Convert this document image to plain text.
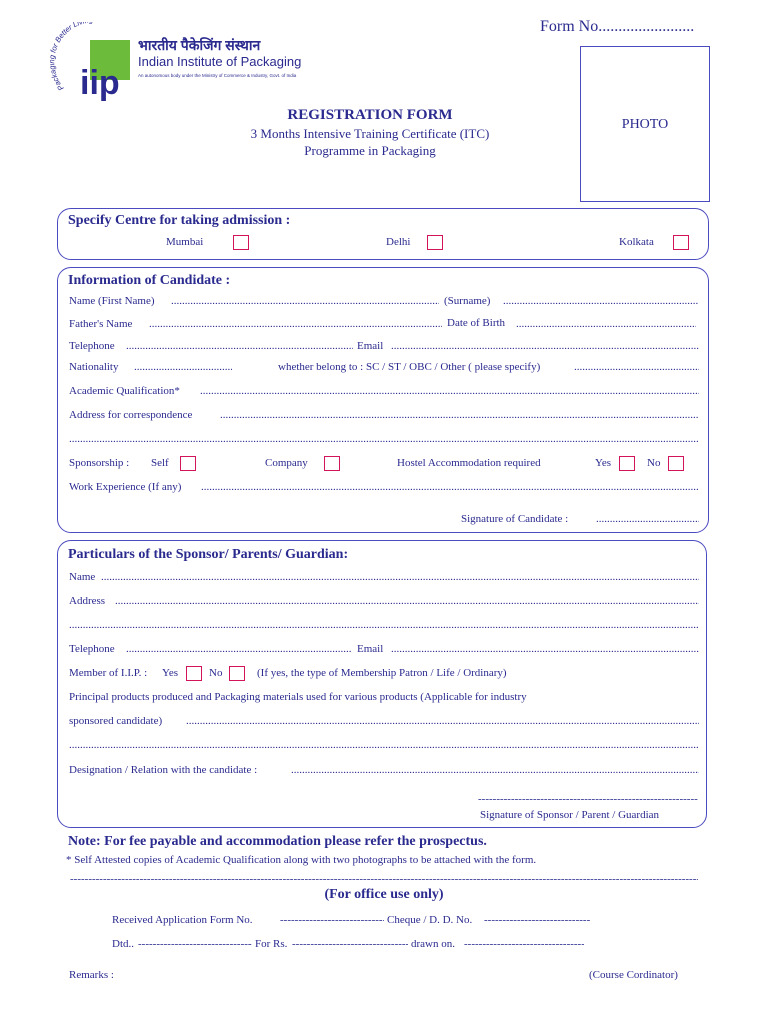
Form No........................
Pack or Better Li
iip
भारतीय पैकेजिंग संस्थान
Indian Institute of Packaging
An autonomous body under the Ministry of Commerce & Industry, Govt. of India
REGISTRATION FORM
3 Months Intensive Training Certificate (ITC)
Programme in Packaging
PHOTO
Specify Centre for taking admission :
Mumbai	Delhi	Kolkata
Information of Candidate :
Name (First Name) .....	(Surname)
.....
Father's Name .....	Date of Birth
.....
Telephone .....	Email
.....
Nationality .....	whether belong to : SC / ST / OBC / Other ( please specify)
.....
Academic Qualification*
.....
Address for correspondence
.....
.....
Sponsorship : Self	Company	Hostel Accommodation required	Yes	No
Work Experience (If any)
.....
Signature of Candidate :
.....
Particulars of the Sponsor/ Parents/ Guardian:
Name
.....
Address
.....
.....
Telephone .....	Email
.....
Member of I.I.P. : Yes	No	(If yes, the type of Membership Patron / Life / Ordinary)
Principal products produced and Packaging materials used for various products (Applicable for industry
sponsored candidate)
.....
.....
Designation / Relation with the candidate :
.....
-----
Signature of Sponsor / Parent / Guardian
Note: For fee payable and accommodation please refer the prospectus.
* Self Attested copies of Academic Qualification along with two photographs to be attached with the form.
-----
(For office use only)
Received Application Form No. -----	Cheque / D. D. No.
-----
Dtd.. -----	For Rs. -----	drawn on.
-----
Remarks :	(Course Cordinator)
